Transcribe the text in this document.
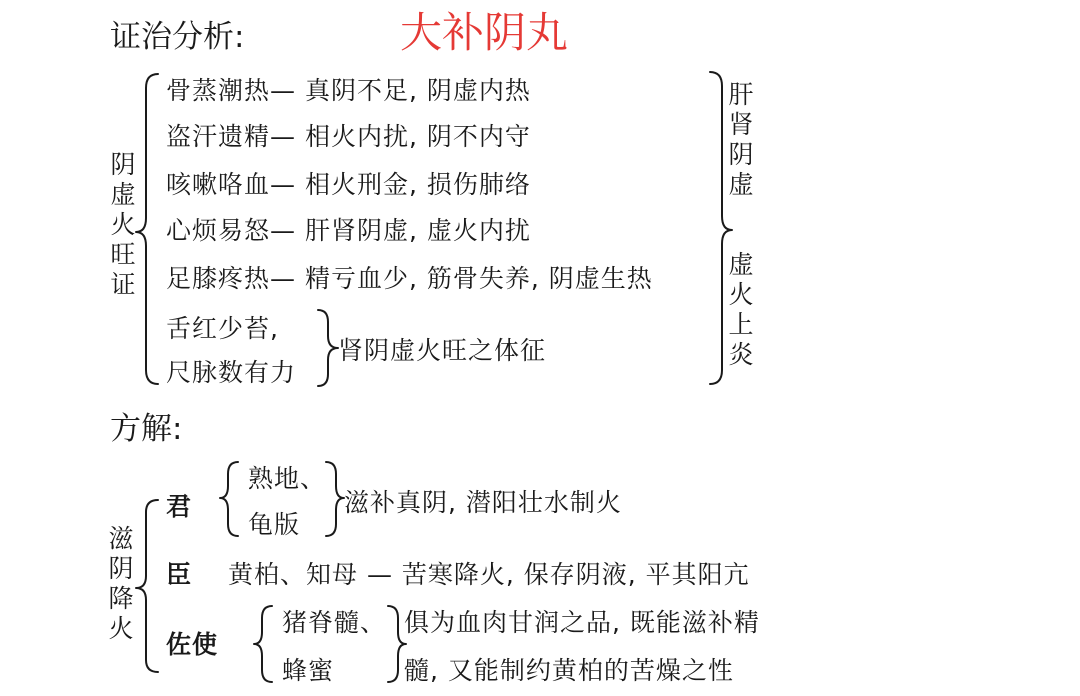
证治分析:	大补阴丸
阴虚火旺证
骨蒸潮热— 真阴不足, 阴虚内热
盗汗遗精— 相火内扰, 阴不内守
咳嗽咯血— 相火刑金, 损伤肺络
心烦易怒— 肝肾阴虚, 虚火内扰
足膝疼热— 精亏血少, 筋骨失养, 阴虚生热
舌红少苔,
尺脉数有力
肾阴虚火旺之体征
肝肾阴虚
虚火上炎
方解:
滋阴降火
君
熟地、
龟版
滋补真阴, 潜阳壮水制火
臣 黄柏、知母 — 苦寒降火, 保存阴液, 平其阳亢
佐使
猪脊髓、
蜂蜜
俱为血肉甘润之品, 既能滋补精
髓, 又能制约黄柏的苦燥之性
